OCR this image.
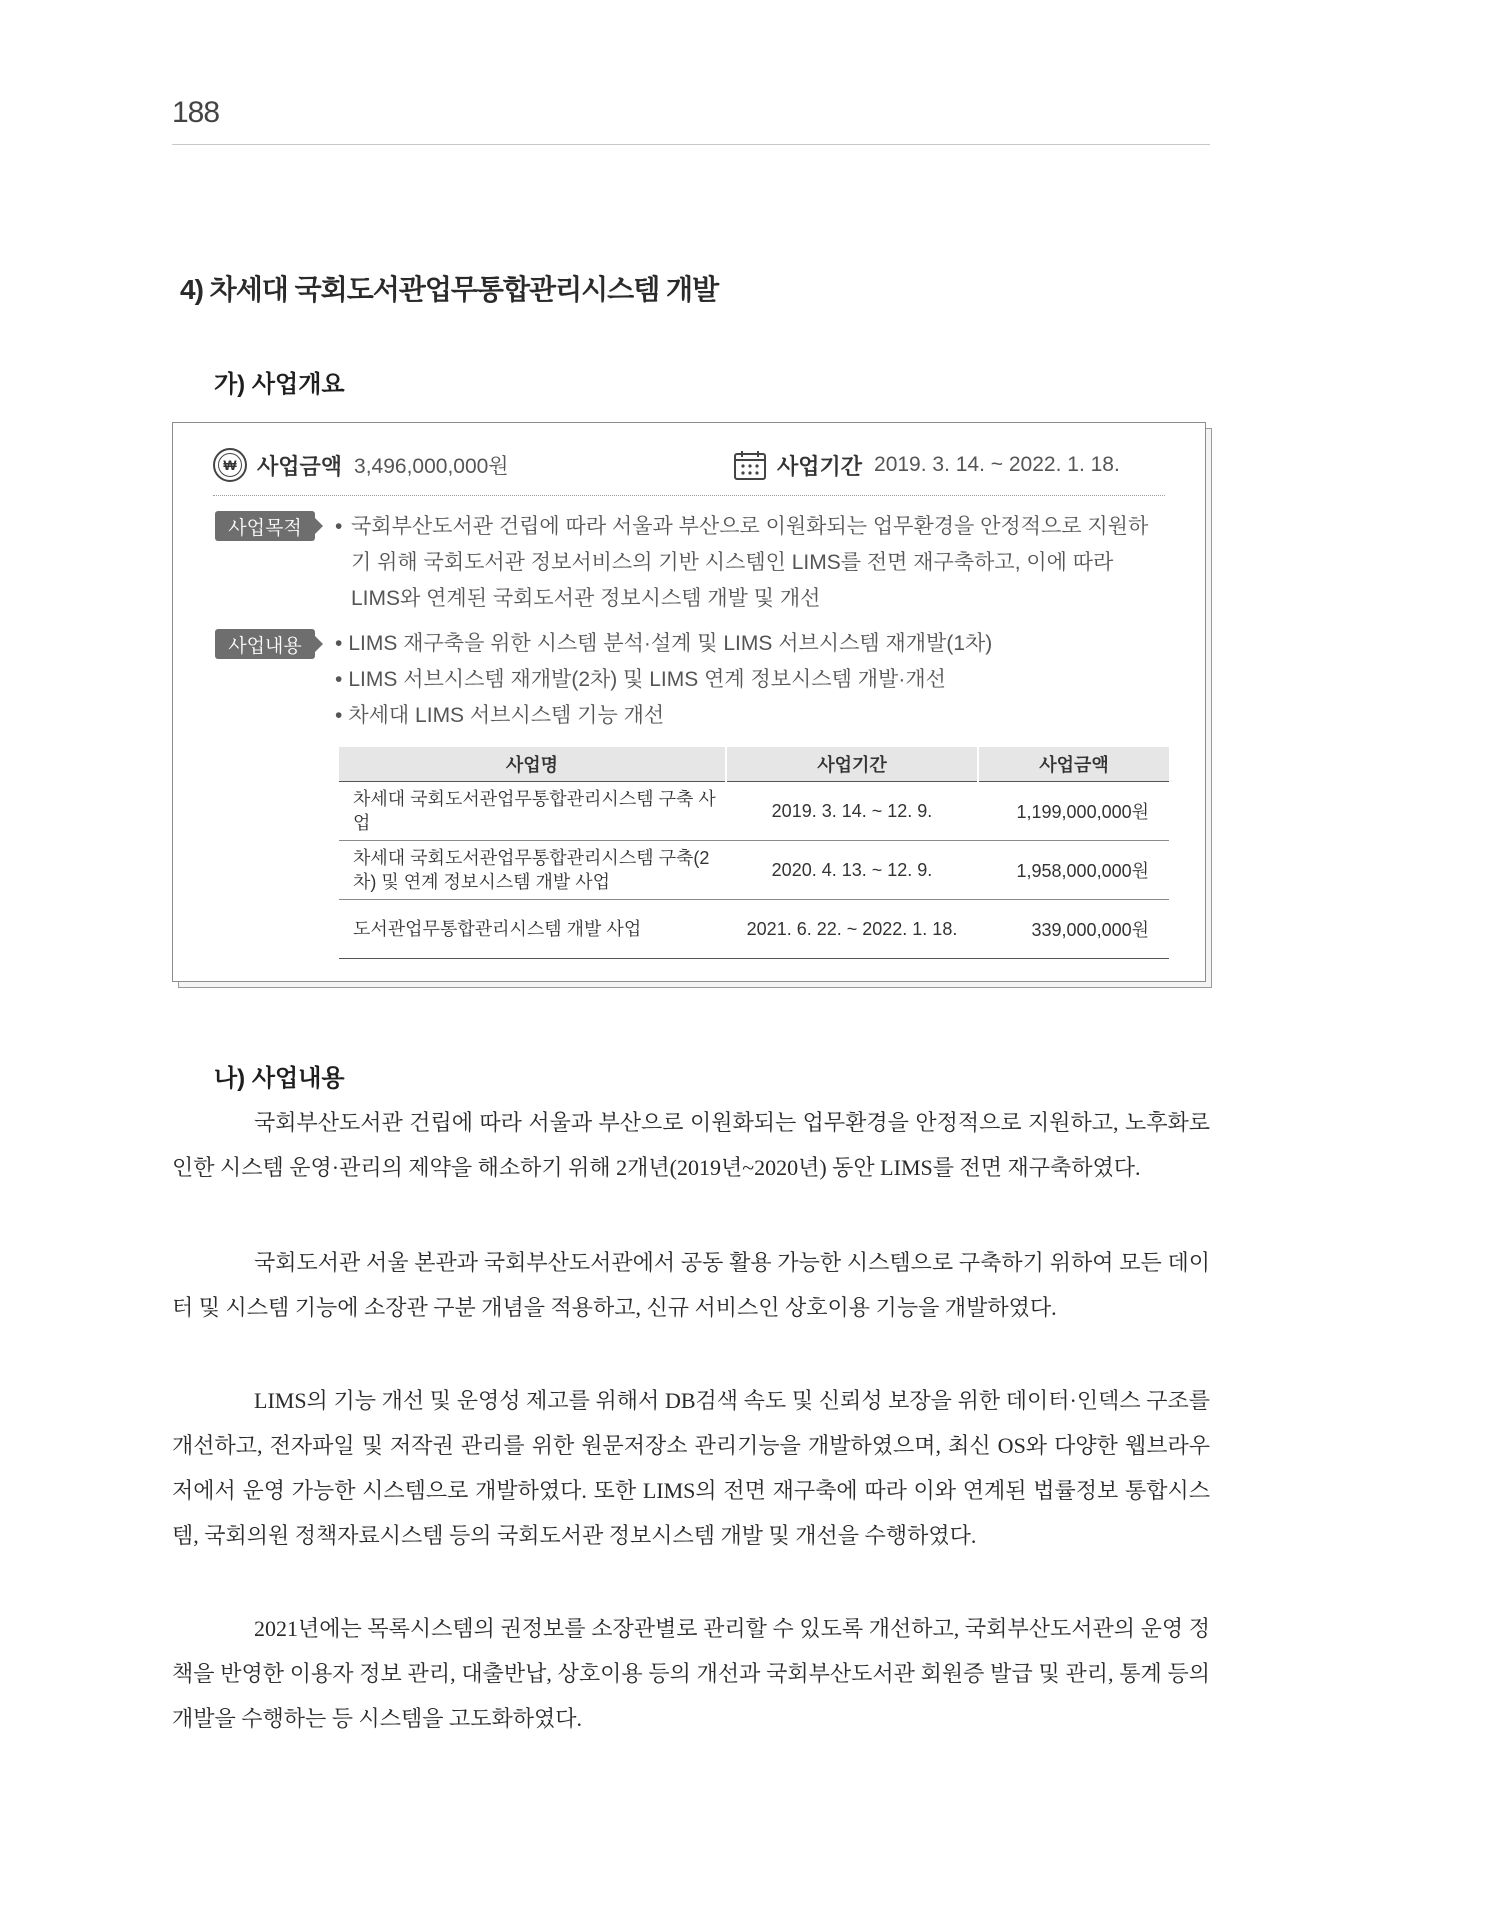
188
4) 차세대 국회도서관업무통합관리시스템 개발
가) 사업개요
₩ 사업금액 3,496,000,000원	사업기간 2019. 3. 14. ~ 2022. 1. 18.
사업목적	• 국회부산도서관 건립에 따라 서울과 부산으로 이원화되는 업무환경을 안정적으로 지원하기 위해 국회도서관 정보서비스의 기반 시스템인 LIMS를 전면 재구축하고, 이에 따라 LIMS와 연계된 국회도서관 정보시스템 개발 및 개선
사업내용	• LIMS 재구축을 위한 시스템 분석·설계 및 LIMS 서브시스템 재개발(1차)
• LIMS 서브시스템 재개발(2차) 및 LIMS 연계 정보시스템 개발·개선
• 차세대 LIMS 서브시스템 기능 개선
사업명	사업기간	사업금액
차세대 국회도서관업무통합관리시스템 구축 사업	2019. 3. 14. ~ 12. 9.	1,199,000,000원
차세대 국회도서관업무통합관리시스템 구축(2차) 및 연계 정보시스템 개발 사업	2020. 4. 13. ~ 12. 9.	1,958,000,000원
도서관업무통합관리시스템 개발 사업	2021. 6. 22. ~ 2022. 1. 18.	339,000,000원
나) 사업내용
국회부산도서관 건립에 따라 서울과 부산으로 이원화되는 업무환경을 안정적으로 지원하고, 노후화로 인한 시스템 운영·관리의 제약을 해소하기 위해 2개년(2019년~2020년) 동안 LIMS를 전면 재구축하였다.
국회도서관 서울 본관과 국회부산도서관에서 공동 활용 가능한 시스템으로 구축하기 위하여 모든 데이터 및 시스템 기능에 소장관 구분 개념을 적용하고, 신규 서비스인 상호이용 기능을 개발하였다.
LIMS의 기능 개선 및 운영성 제고를 위해서 DB검색 속도 및 신뢰성 보장을 위한 데이터·인덱스 구조를 개선하고, 전자파일 및 저작권 관리를 위한 원문저장소 관리기능을 개발하였으며, 최신 OS와 다양한 웹브라우저에서 운영 가능한 시스템으로 개발하였다. 또한 LIMS의 전면 재구축에 따라 이와 연계된 법률정보 통합시스템, 국회의원 정책자료시스템 등의 국회도서관 정보시스템 개발 및 개선을 수행하였다.
2021년에는 목록시스템의 권정보를 소장관별로 관리할 수 있도록 개선하고, 국회부산도서관의 운영 정책을 반영한 이용자 정보 관리, 대출반납, 상호이용 등의 개선과 국회부산도서관 회원증 발급 및 관리, 통계 등의 개발을 수행하는 등 시스템을 고도화하였다.
